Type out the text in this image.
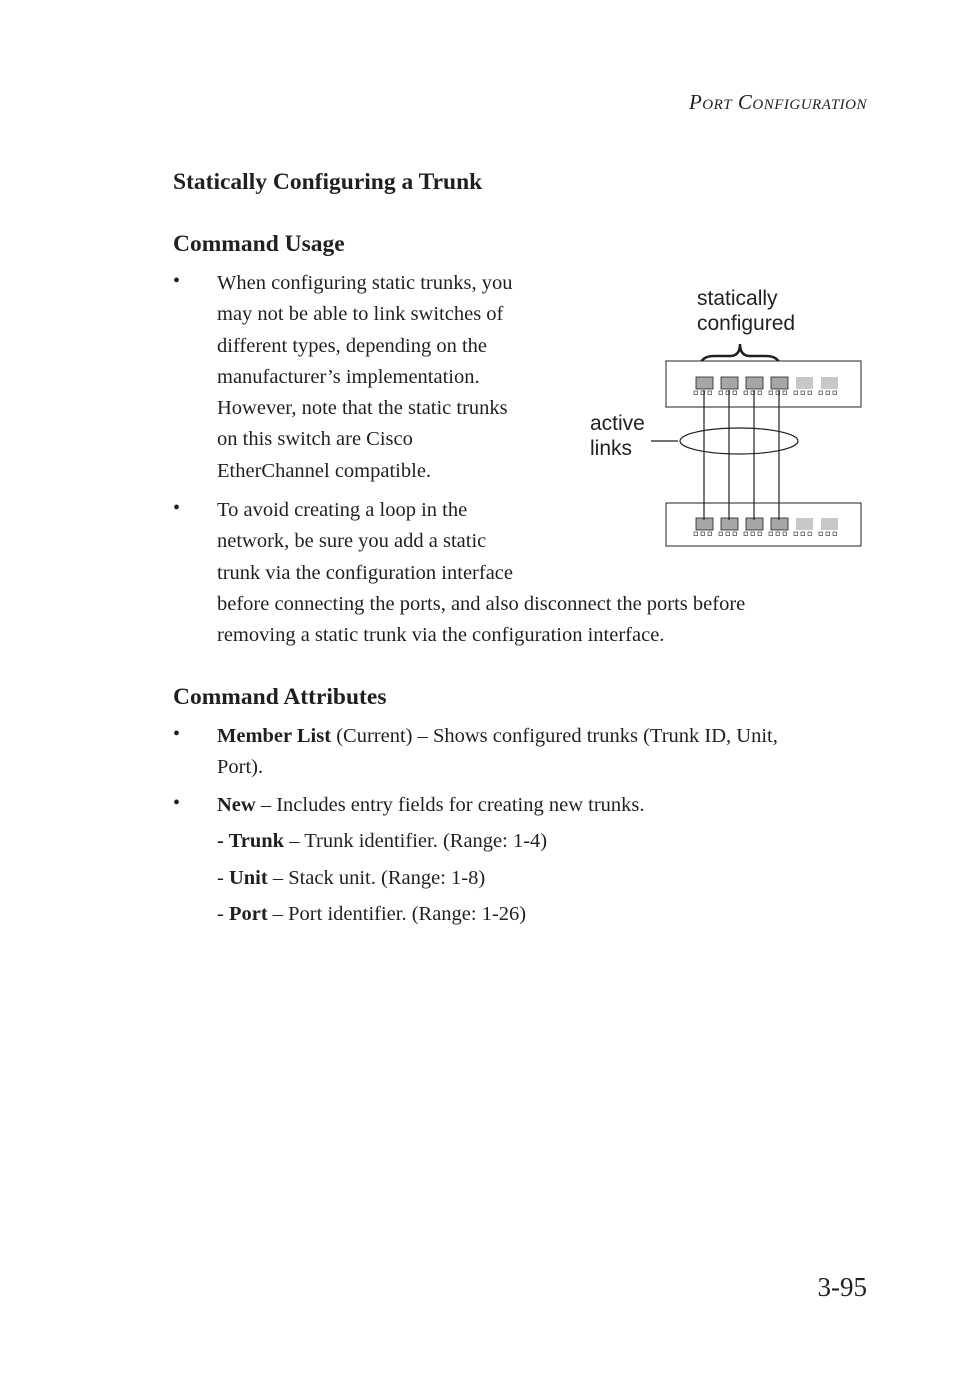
Port Configuration
Statically Configuring a Trunk
Command Usage
• When configuring static trunks, you
may not be able to link switches of
different types, depending on the
manufacturer’s implementation.
However, note that the static trunks
on this switch are Cisco
EtherChannel compatible.
• To avoid creating a loop in the
network, be sure you add a static
trunk via the configuration interface
before connecting the ports, and also disconnect the ports before
removing a static trunk via the configuration interface.
statically
configured
active
links
Command Attributes
• Member List (Current) – Shows configured trunks (Trunk ID, Unit,
Port).
• New – Includes entry fields for creating new trunks.
- Trunk – Trunk identifier. (Range: 1-4)
- Unit – Stack unit. (Range: 1-8)
- Port – Port identifier. (Range: 1-26)
3-95
